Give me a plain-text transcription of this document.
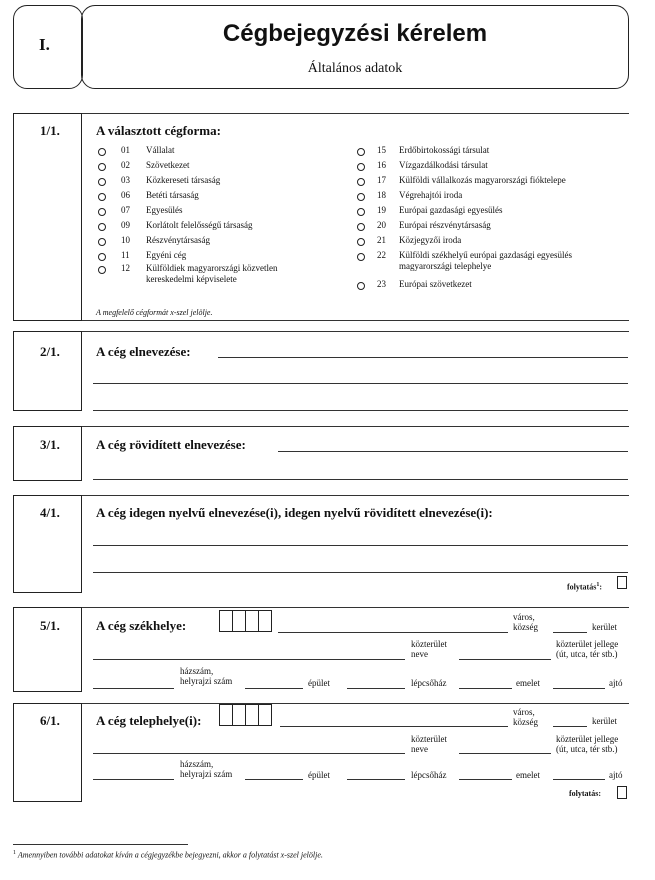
I.	Cégbejegyzési kérelem
Általános adatok
1/1.	A választott cégforma:
01 Vállalat
02 Szövetkezet
03 Közkereseti társaság
06 Betéti társaság
07 Egyesülés
09 Korlátolt felelősségű társaság
10 Részvénytársaság
11 Egyéni cég
12 Külföldiek magyarországi közvetlen kereskedelmi képviselete
15 Erdőbirtokossági társulat
16 Vízgazdálkodási társulat
17 Külföldi vállalkozás magyarországi fióktelepe
18 Végrehajtói iroda
19 Európai gazdasági egyesülés
20 Európai részvénytársaság
21 Közjegyzői iroda
22 Külföldi székhelyű európai gazdasági egyesülés magyarországi telephelye
23 Európai szövetkezet
A megfelelő cégformát x-szel jelölje.
2/1.	A cég elnevezése:
3/1.	A cég rövidített elnevezése:
4/1.	A cég idegen nyelvű elnevezése(i), idegen nyelvű rövidített elnevezése(i):
folytatás$^1$:
5/1.	A cég székhelye:
város,
község	kerület
közterület
neve
közterület jellege
(út, utca, tér stb.)
házszám,
helyrajzi szám	épület	lépcsőház	emelet	ajtó
6/1.	A cég telephelye(i):
város,
község	kerület
közterület
neve
közterület jellege
(út, utca, tér stb.)
házszám,
helyrajzi szám	épület	lépcsőház	emelet	ajtó
folytatás:
$^1$ Amennyiben további adatokat kíván a cégjegyzékbe bejegyezni, akkor a folytatást x-szel jelölje.
